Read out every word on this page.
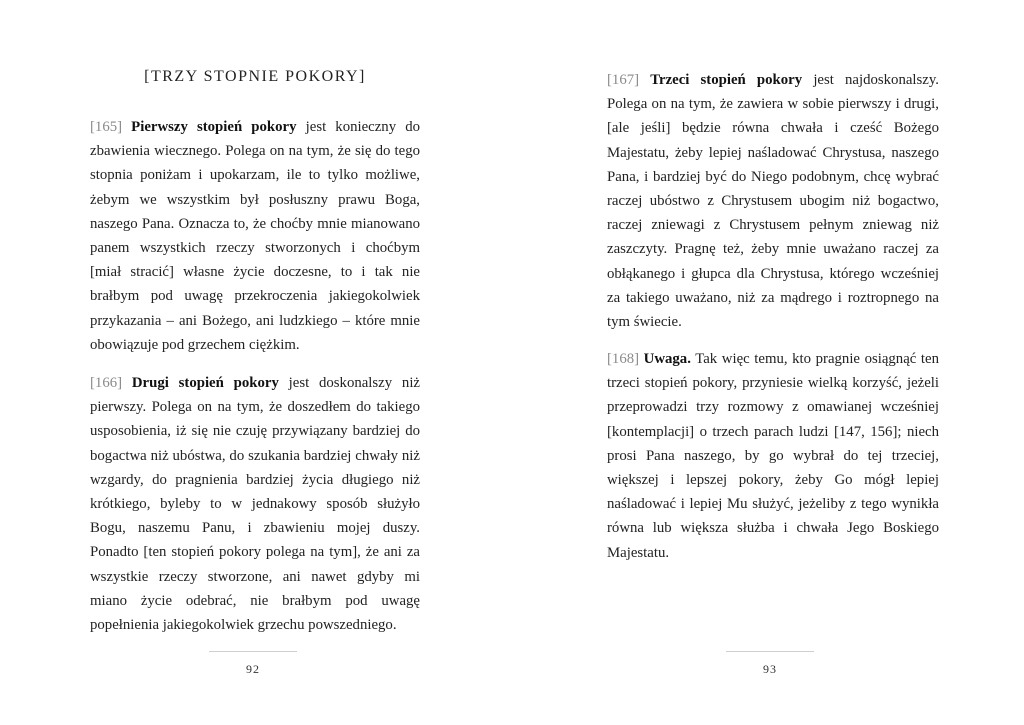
[TRZY STOPNIE POKORY]

[165] Pierwszy stopień pokory jest konieczny do zbawienia wiecznego. Polega on na tym, że się do tego stopnia poniżam i upokarzam, ile to tylko możliwe, żebym we wszystkim był posłuszny prawu Boga, naszego Pana. Oznacza to, że choćby mnie mianowano panem wszystkich rzeczy stworzonych i choćbym [miał stracić] własne życie doczesne, to i tak nie brałbym pod uwagę przekroczenia jakiegokolwiek przykazania – ani Bożego, ani ludzkiego – które mnie obowiązuje pod grzechem ciężkim.

[166] Drugi stopień pokory jest doskonalszy niż pierwszy. Polega on na tym, że doszedłem do takiego usposobienia, iż się nie czuję przywiązany bardziej do bogactwa niż ubóstwa, do szukania bardziej chwały niż wzgardy, do pragnienia bardziej życia długiego niż krótkiego, byleby to w jednakowy sposób służyło Bogu, naszemu Panu, i zbawieniu mojej duszy. Ponadto [ten stopień pokory polega na tym], że ani za wszystkie rzeczy stworzone, ani nawet gdyby mi miano życie odebrać, nie brałbym pod uwagę popełnienia jakiegokolwiek grzechu powszedniego.

92

[167] Trzeci stopień pokory jest najdoskonalszy. Polega on na tym, że zawiera w sobie pierwszy i drugi, [ale jeśli] będzie równa chwała i cześć Bożego Majestatu, żeby lepiej naśladować Chrystusa, naszego Pana, i bardziej być do Niego podobnym, chcę wybrać raczej ubóstwo z Chrystusem ubogim niż bogactwo, raczej zniewagi z Chrystusem pełnym zniewag niż zaszczyty. Pragnę też, żeby mnie uważano raczej za obłąkanego i głupca dla Chrystusa, którego wcześniej za takiego uważano, niż za mądrego i roztropnego na tym świecie.

[168] Uwaga. Tak więc temu, kto pragnie osiągnąć ten trzeci stopień pokory, przyniesie wielką korzyść, jeżeli przeprowadzi trzy rozmowy z omawianej wcześniej [kontemplacji] o trzech parach ludzi [147, 156]; niech prosi Pana naszego, by go wybrał do tej trzeciej, większej i lepszej pokory, żeby Go mógł lepiej naśladować i lepiej Mu służyć, jeżeliby z tego wynikła równa lub większa służba i chwała Jego Boskiego Majestatu.

93
